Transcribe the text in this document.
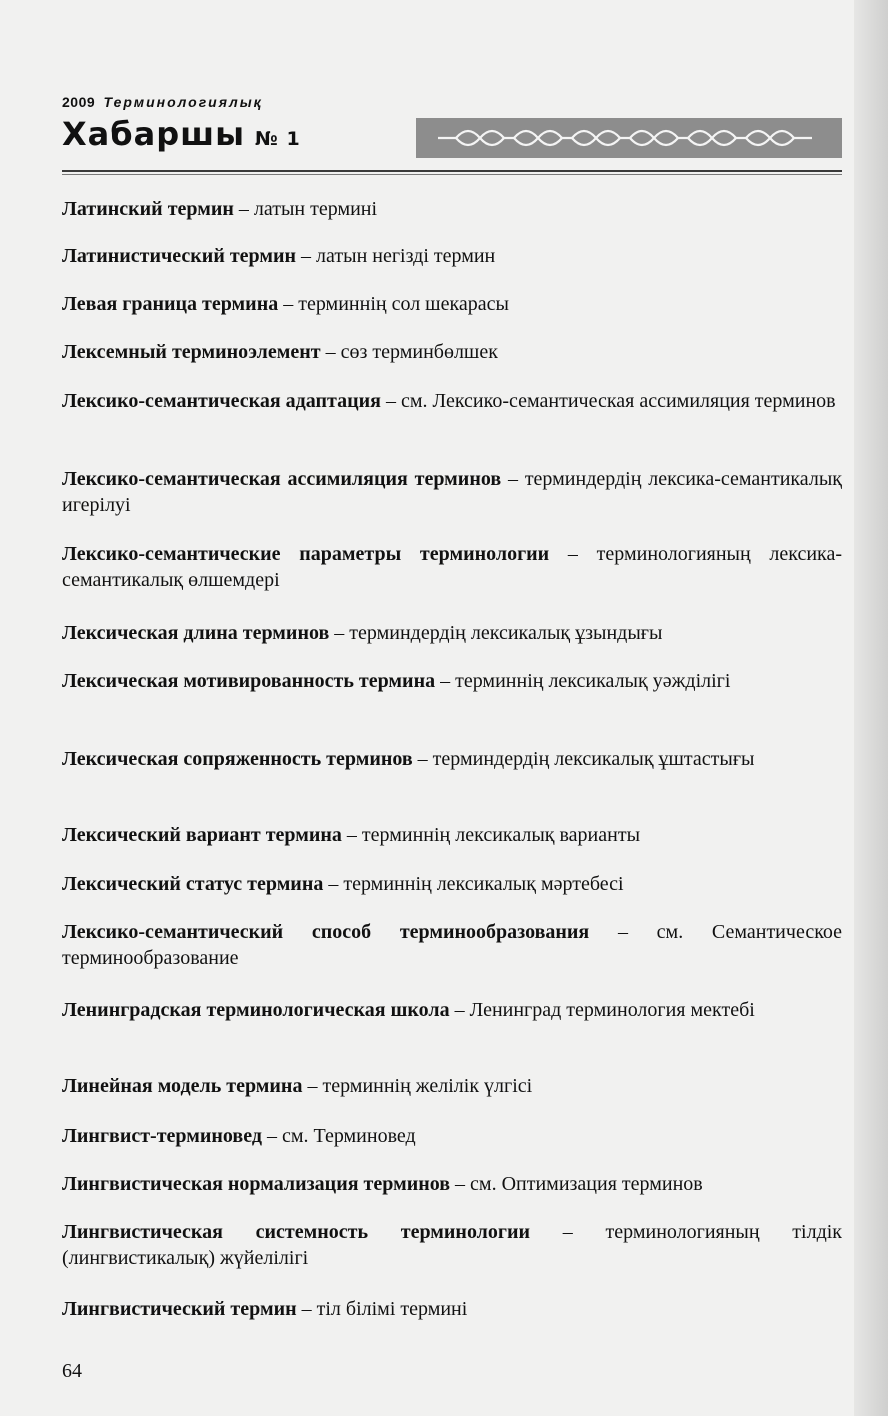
2009 Терминологиялық
Хабаршы № 1
Латинский термин – латын термині
Латинистический термин – латын негізді термин
Левая граница термина – терминнің сол шекарасы
Лексемный терминоэлемент – сөз терминбөлшек
Лексико-семантическая адаптация – см. Лексико-семантическая ассимиляция терминов
Лексико-семантическая ассимиляция терминов – терминдердің лексика-семантикалық игерілуі
Лексико-семантические параметры терминологии – терминологияның лексика-семантикалық өлшемдері
Лексическая длина терминов – терминдердің лексикалық ұзындығы
Лексическая мотивированность термина – терминнің лексикалық уәжділігі
Лексическая сопряженность терминов – терминдердің лексикалық ұштастығы
Лексический вариант термина – терминнің лексикалық варианты
Лексический статус термина – терминнің лексикалық мәртебесі
Лексико-семантический способ терминообразования – см. Семантическое терминообразование
Ленинградская терминологическая школа – Ленинград терминология мектебі
Линейная модель термина – терминнің желілік үлгісі
Лингвист-терминовед – см. Терминовед
Лингвистическая нормализация терминов – см. Оптимизация терминов
Лингвистическая системность терминологии – терминологияның тілдік (лингвистикалық) жүйелілігі
Лингвистический термин – тіл білімі термині
64
